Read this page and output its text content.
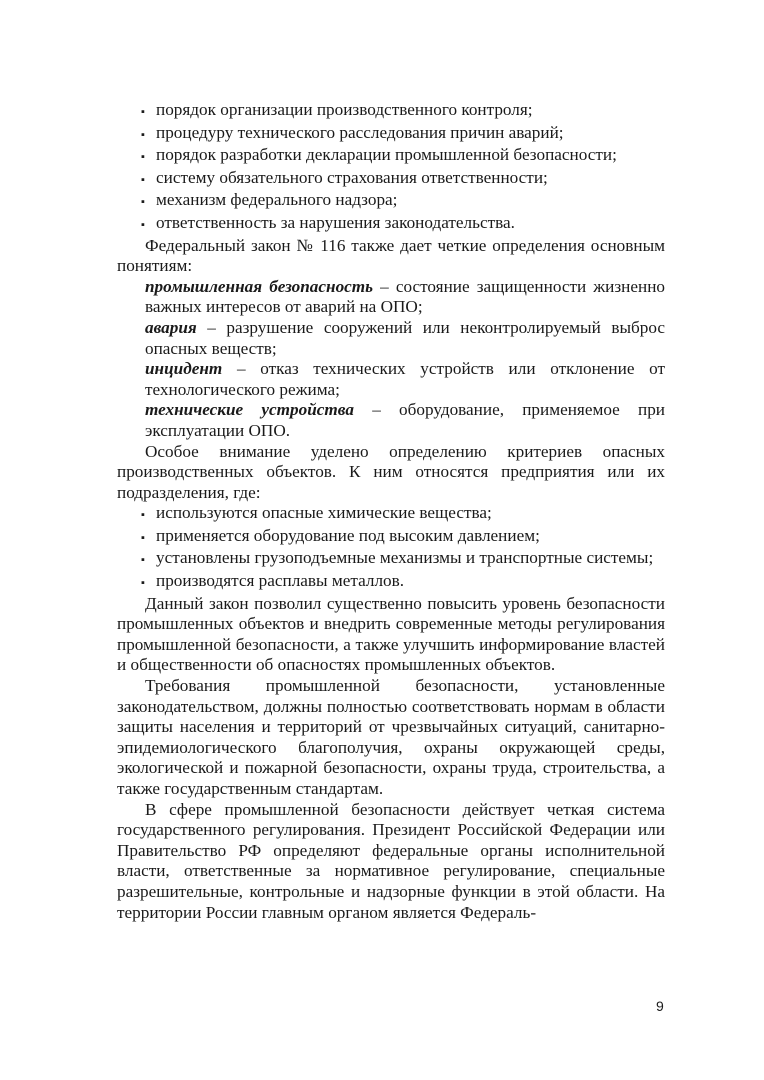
▪ порядок организации производственного контроля;
▪ процедуру технического расследования причин аварий;
▪ порядок разработки декларации промышленной безопасности;
▪ систему обязательного страхования ответственности;
▪ механизм федерального надзора;
▪ ответственность за нарушения законодательства.

Федеральный закон № 116 также дает четкие определения основным понятиям:

промышленная безопасность – состояние защищенности жизненно важных интересов от аварий на ОПО;
авария – разрушение сооружений или неконтролируемый выброс опасных веществ;
инцидент – отказ технических устройств или отклонение от технологического режима;
технические устройства – оборудование, применяемое при эксплуатации ОПО.

Особое внимание уделено определению критериев опасных производственных объектов. К ним относятся предприятия или их подразделения, где:

▪ используются опасные химические вещества;
▪ применяется оборудование под высоким давлением;
▪ установлены грузоподъемные механизмы и транспортные системы;
▪ производятся расплавы металлов.

Данный закон позволил существенно повысить уровень безопасности промышленных объектов и внедрить современные методы регулирования промышленной безопасности, а также улучшить информирование властей и общественности об опасностях промышленных объектов.

Требования промышленной безопасности, установленные законодательством, должны полностью соответствовать нормам в области защиты населения и территорий от чрезвычайных ситуаций, санитарно-эпидемиологического благополучия, охраны окружающей среды, экологической и пожарной безопасности, охраны труда, строительства, а также государственным стандартам.

В сфере промышленной безопасности действует четкая система государственного регулирования. Президент Российской Федерации или Правительство РФ определяют федеральные органы исполнительной власти, ответственные за нормативное регулирование, специальные разрешительные, контрольные и надзорные функции в этой области. На территории России главным органом является Федераль-

9
